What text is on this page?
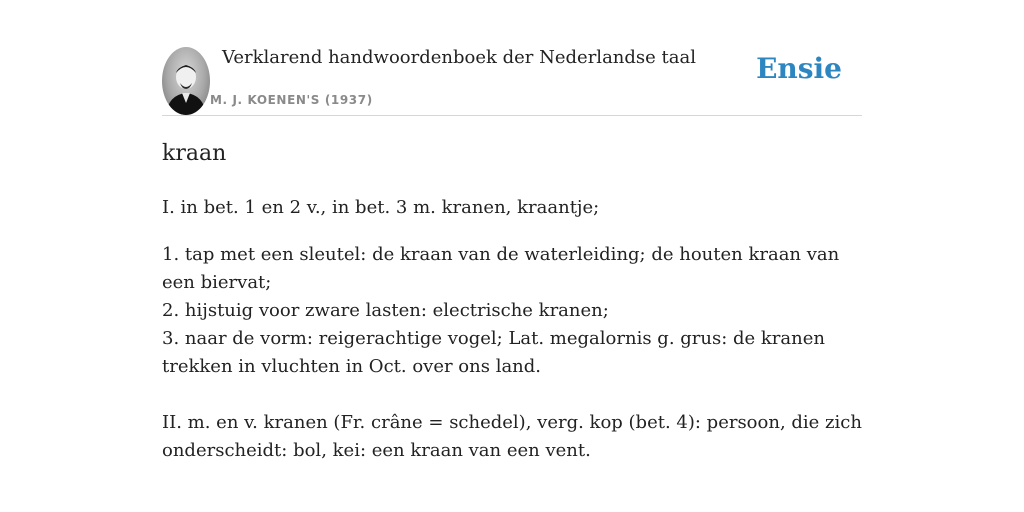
Verklarend handwoordenboek der Nederlandse taal
M. J. KOENEN'S (1937)
Ensie
kraan

I. in bet. 1 en 2 v., in bet. 3 m. kranen, kraantje;

1. tap met een sleutel: de kraan van de waterleiding; de houten kraan van een biervat;

2. hijstuig voor zware lasten: electrische kranen;

3. naar de vorm: reigerachtige vogel; Lat. megalornis g. grus: de kranen trekken in vluchten in Oct. over ons land.

II. m. en v. kranen (Fr. crâne = schedel), verg. kop (bet. 4): persoon, die zich onderscheidt: bol, kei: een kraan van een vent.
